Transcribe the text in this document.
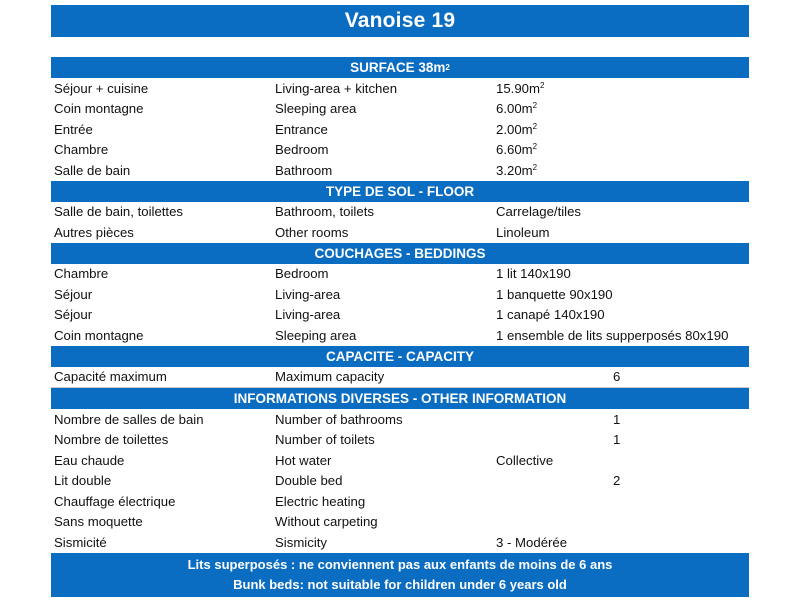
Vanoise 19
SURFACE 38m 2
Séjour + cuisine	Living-area + kitchen	$15.90m^2$
Coin montagne	Sleeping area	$6.00m^2$
Entrée	Entrance	$2.00m^2$
Chambre	Bedroom	$6.60m^2$
Salle de bain	Bathroom	$3.20m^2$
TYPE DE SOL - FLOOR
Salle de bain, toilettes	Bathroom, toilets	Carrelage/tiles
Autres pièces	Other rooms	Linoleum
COUCHAGES - BEDDINGS
Chambre	Bedroom	1 lit 140x190
Séjour	Living-area	1 banquette 90x190
Séjour	Living-area	1 canapé 140x190
Coin montagne	Sleeping area	1 ensemble de lits supperposés 80x190
CAPACITE - CAPACITY
Capacité maximum	Maximum capacity	6
INFORMATIONS DIVERSES - OTHER INFORMATION
Nombre de salles de bain	Number of bathrooms	1
Nombre de toilettes	Number of toilets	1
Eau chaude	Hot water	Collective
Lit double	Double bed	2
Chauffage électrique	Electric heating
Sans moquette	Without carpeting
Sismicité	Sismicity	3 - Modérée
Lits superposés : ne conviennent pas aux enfants de moins de 6 ans
Bunk beds: not suitable for children under 6 years old
